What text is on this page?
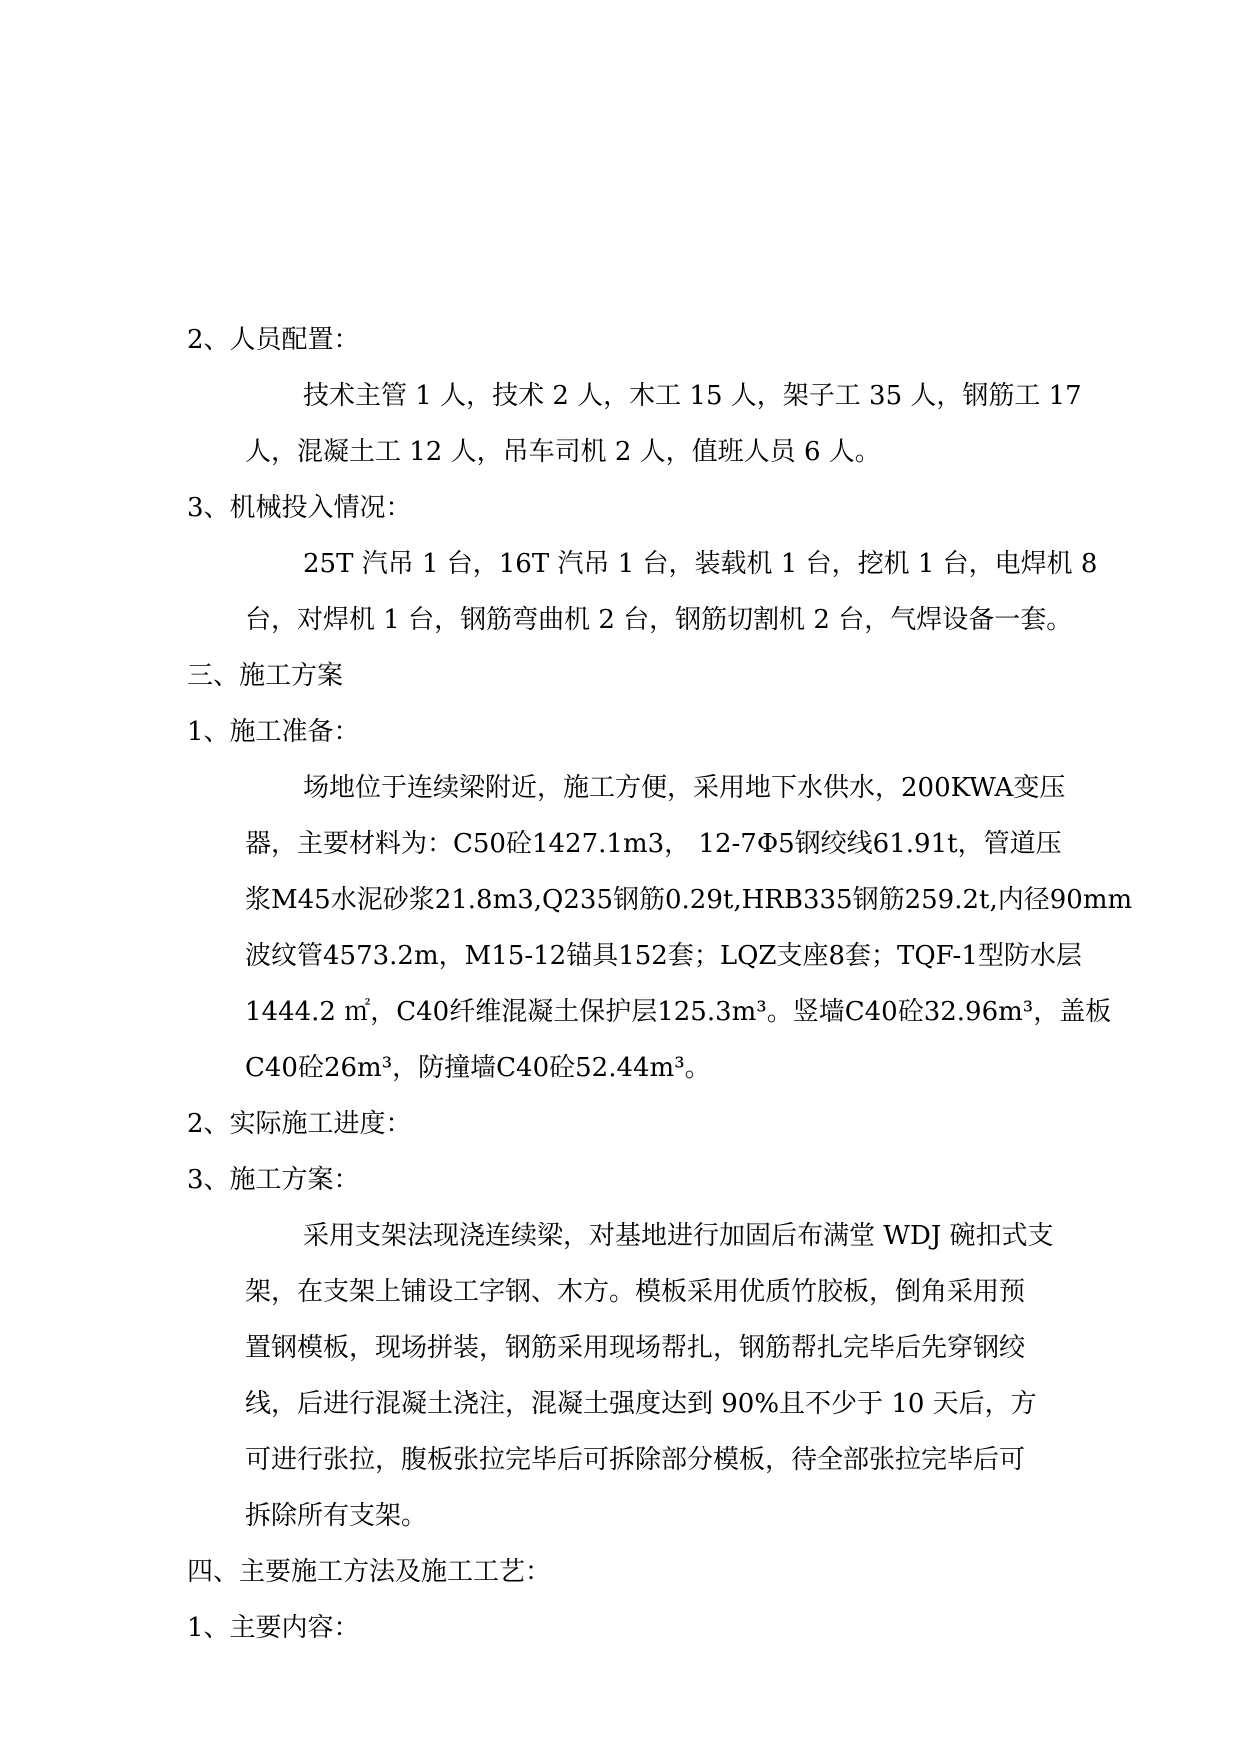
2、人员配置：
技术主管 1 人，技术 2 人，木工 15 人，架子工 35 人，钢筋工 17
人，混凝土工 12 人，吊车司机 2 人，值班人员 6 人。
3、机械投入情况：
25T 汽吊 1 台，16T 汽吊 1 台，装载机 1 台，挖机 1 台，电焊机 8
台，对焊机 1 台，钢筋弯曲机 2 台，钢筋切割机 2 台，气焊设备一套。
三、施工方案
1、施工准备：
场地位于连续梁附近，施工方便，采用地下水供水，200KWA变压
器，主要材料为：C50砼1427.1m3， 12-7Φ5钢绞线61.91t，管道压
浆M45水泥砂浆21.8m3,Q235钢筋0.29t,HRB335钢筋259.2t,内径90mm
波纹管4573.2m，M15-12锚具152套；LQZ支座8套；TQF-1型防水层
1444.2 ㎡，C40纤维混凝土保护层125.3m³。竖墙C40砼32.96m³，盖板
C40砼26m³，防撞墙C40砼52.44m³。
2、实际施工进度：
3、施工方案：
采用支架法现浇连续梁，对基地进行加固后布满堂 WDJ 碗扣式支
架，在支架上铺设工字钢、木方。模板采用优质竹胶板，倒角采用预
置钢模板，现场拼装，钢筋采用现场帮扎，钢筋帮扎完毕后先穿钢绞
线，后进行混凝土浇注，混凝土强度达到 90%且不少于 10 天后，方
可进行张拉，腹板张拉完毕后可拆除部分模板，待全部张拉完毕后可
拆除所有支架。
四、主要施工方法及施工工艺：
1、主要内容：
